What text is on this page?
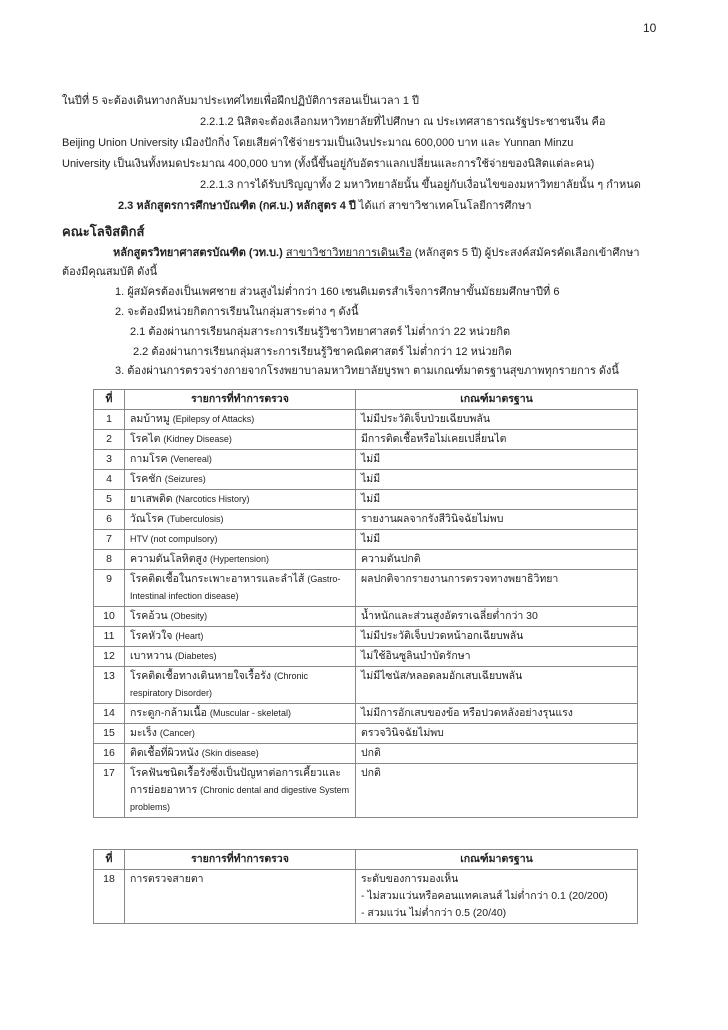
10
ในปีที่ 5 จะต้องเดินทางกลับมาประเทศไทยเพื่อฝึกปฏิบัติการสอนเป็นเวลา 1 ปี
2.2.1.2 นิสิตจะต้องเลือกมหาวิทยาลัยที่ไปศึกษา ณ ประเทศสาธารณรัฐประชาชนจีน คือ
Beijing Union University เมืองปักกิ่ง โดยเสียค่าใช้จ่ายรวมเป็นเงินประมาณ 600,000 บาท และ Yunnan Minzu
University เป็นเงินทั้งหมดประมาณ 400,000 บาท (ทั้งนี้ขึ้นอยู่กับอัตราแลกเปลี่ยนและการใช้จ่ายของนิสิตแต่ละคน)
2.2.1.3 การได้รับปริญญาทั้ง 2 มหาวิทยาลัยนั้น ขึ้นอยู่กับเงื่อนไขของมหาวิทยาลัยนั้น ๆ กำหนด
2.3 หลักสูตรการศึกษาบัณฑิต (กศ.บ.) หลักสูตร 4 ปี ได้แก่ สาขาวิชาเทคโนโลยีการศึกษา
คณะโลจิสติกส์
หลักสูตรวิทยาศาสตรบัณฑิต (วท.บ.) สาขาวิชาวิทยาการเดินเรือ (หลักสูตร 5 ปี) ผู้ประสงค์สมัครคัดเลือกเข้าศึกษา
ต้องมีคุณสมบัติ ดังนี้
1. ผู้สมัครต้องเป็นเพศชาย ส่วนสูงไม่ต่ำกว่า 160 เซนติเมตรสำเร็จการศึกษาขั้นมัธยมศึกษาปีที่ 6
2. จะต้องมีหน่วยกิตการเรียนในกลุ่มสาระต่าง ๆ ดังนี้
2.1 ต้องผ่านการเรียนกลุ่มสาระการเรียนรู้วิชาวิทยาศาสตร์ ไม่ต่ำกว่า 22 หน่วยกิต
2.2 ต้องผ่านการเรียนกลุ่มสาระการเรียนรู้วิชาคณิตศาสตร์ ไม่ต่ำกว่า 12 หน่วยกิต
3. ต้องผ่านการตรวจร่างกายจากโรงพยาบาลมหาวิทยาลัยบูรพา ตามเกณฑ์มาตรฐานสุขภาพทุกรายการ ดังนี้
ที่	รายการที่ทำการตรวจ	เกณฑ์มาตรฐาน
1	ลมบ้าหมู (Epilepsy of Attacks)	ไม่มีประวัติเจ็บป่วยเฉียบพลัน
2	โรคไต (Kidney Disease)	มีการติดเชื้อหรือไม่เคยเปลี่ยนไต
3	กามโรค (Venereal)	ไม่มี
4	โรคชัก (Seizures)	ไม่มี
5	ยาเสพติด (Narcotics History)	ไม่มี
6	วัณโรค (Tuberculosis)	รายงานผลจากรังสีวินิจฉัยไม่พบ
7	HTV (not compulsory)	ไม่มี
8	ความดันโลหิตสูง (Hypertension)	ความดันปกติ
9	โรคติดเชื้อในกระเพาะอาหารและลำไส้ (Gastro-Intestinal infection disease)	ผลปกติจากรายงานการตรวจทางพยาธิวิทยา
10	โรคอ้วน (Obesity)	น้ำหนักและส่วนสูงอัตราเฉลี่ยต่ำกว่า 30
11	โรคหัวใจ (Heart)	ไม่มีประวัติเจ็บปวดหน้าอกเฉียบพลัน
12	เบาหวาน (Diabetes)	ไม่ใช้อินซูลินบำบัดรักษา
13	โรคติดเชื้อทางเดินหายใจเรื้อรัง (Chronic respiratory Disorder)	ไม่มีไซนัส/หลอดลมอักเสบเฉียบพลัน
14	กระดูก-กล้ามเนื้อ (Muscular - skeletal)	ไม่มีการอักเสบของข้อ หรือปวดหลังอย่างรุนแรง
15	มะเร็ง (Cancer)	ตรวจวินิจฉัยไม่พบ
16	ติดเชื้อที่ผิวหนัง (Skin disease)	ปกติ
17	โรคฟันชนิดเรื้อรังซึ่งเป็นปัญหาต่อการเคี้ยวและการย่อยอาหาร (Chronic dental and digestive System problems)	ปกติ
ที่	รายการที่ทำการตรวจ	เกณฑ์มาตรฐาน
18	การตรวจสายตา	ระดับของการมองเห็น
- ไม่สวมแว่นหรือคอนแทคเลนส์ ไม่ต่ำกว่า 0.1 (20/200)
- สวมแว่น ไม่ต่ำกว่า 0.5 (20/40)
